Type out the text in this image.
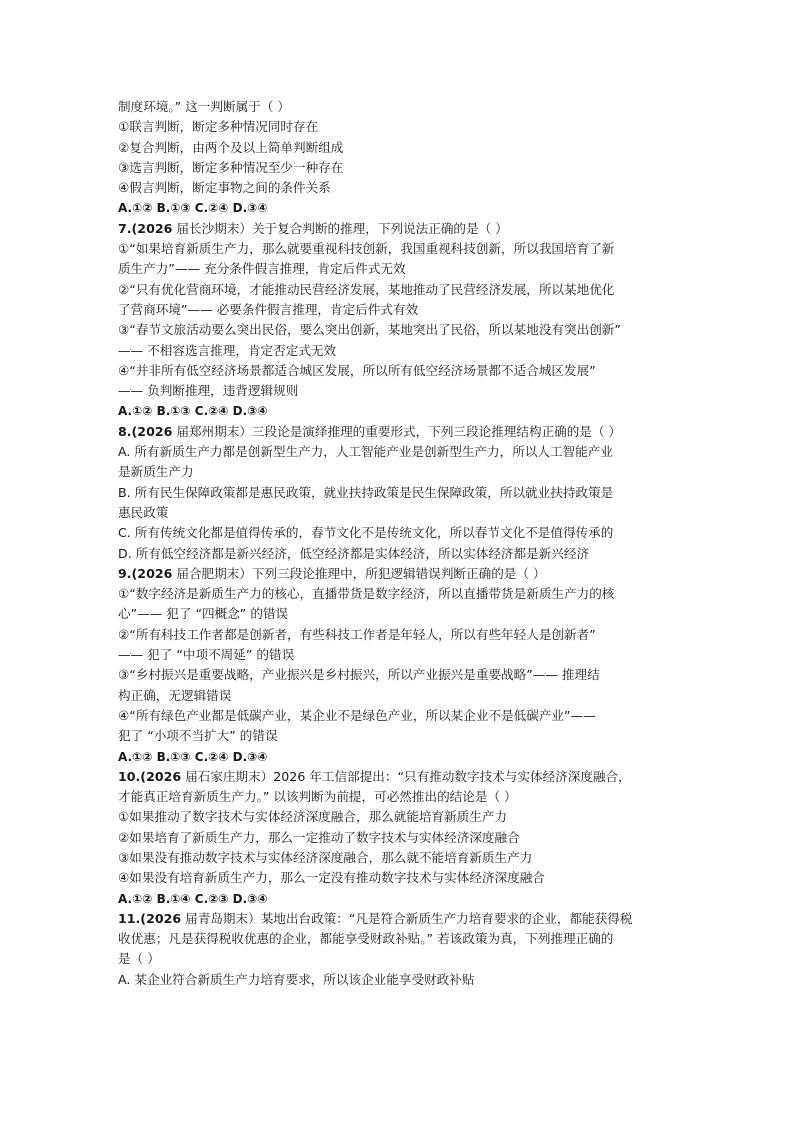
制度环境。” 这一判断属于（ ）
①联言判断，断定多种情况同时存在
②复合判断，由两个及以上简单判断组成
③选言判断，断定多种情况至少一种存在
④假言判断，断定事物之间的条件关系
A.①② B.①③ C.②④ D.③④
7.(2026 届长沙期末）关于复合判断的推理，下列说法正确的是（ ）
①“如果培育新质生产力，那么就要重视科技创新，我国重视科技创新，所以我国培育了新
质生产力”—— 充分条件假言推理，肯定后件式无效
②“只有优化营商环境，才能推动民营经济发展，某地推动了民营经济发展，所以某地优化
了营商环境”—— 必要条件假言推理，肯定后件式有效
③“春节文旅活动要么突出民俗，要么突出创新，某地突出了民俗，所以某地没有突出创新”
—— 不相容选言推理，肯定否定式无效
④“并非所有低空经济场景都适合城区发展，所以所有低空经济场景都不适合城区发展”
—— 负判断推理，违背逻辑规则
A.①② B.①③ C.②④ D.③④
8.(2026 届郑州期末）三段论是演绎推理的重要形式，下列三段论推理结构正确的是（ ）
A. 所有新质生产力都是创新型生产力，人工智能产业是创新型生产力，所以人工智能产业
是新质生产力
B. 所有民生保障政策都是惠民政策，就业扶持政策是民生保障政策，所以就业扶持政策是
惠民政策
C. 所有传统文化都是值得传承的，春节文化不是传统文化，所以春节文化不是值得传承的
D. 所有低空经济都是新兴经济，低空经济都是实体经济，所以实体经济都是新兴经济
9.(2026 届合肥期末）下列三段论推理中，所犯逻辑错误判断正确的是（ ）
①“数字经济是新质生产力的核心，直播带货是数字经济，所以直播带货是新质生产力的核
心”—— 犯了 “四概念” 的错误
②“所有科技工作者都是创新者，有些科技工作者是年轻人，所以有些年轻人是创新者”
—— 犯了 “中项不周延” 的错误
③“乡村振兴是重要战略，产业振兴是乡村振兴，所以产业振兴是重要战略”—— 推理结
构正确，无逻辑错误
④“所有绿色产业都是低碳产业，某企业不是绿色产业，所以某企业不是低碳产业”——
犯了 “小项不当扩大” 的错误
A.①② B.①③ C.②④ D.③④
10.(2026 届石家庄期末）2026 年工信部提出：“只有推动数字技术与实体经济深度融合，
才能真正培育新质生产力。” 以该判断为前提，可必然推出的结论是（ ）
①如果推动了数字技术与实体经济深度融合，那么就能培育新质生产力
②如果培育了新质生产力，那么一定推动了数字技术与实体经济深度融合
③如果没有推动数字技术与实体经济深度融合，那么就不能培育新质生产力
④如果没有培育新质生产力，那么一定没有推动数字技术与实体经济深度融合
A.①② B.①④ C.②③ D.③④
11.(2026 届青岛期末）某地出台政策：“凡是符合新质生产力培育要求的企业，都能获得税
收优惠；凡是获得税收优惠的企业，都能享受财政补贴。” 若该政策为真，下列推理正确的
是（ ）
A. 某企业符合新质生产力培育要求，所以该企业能享受财政补贴
